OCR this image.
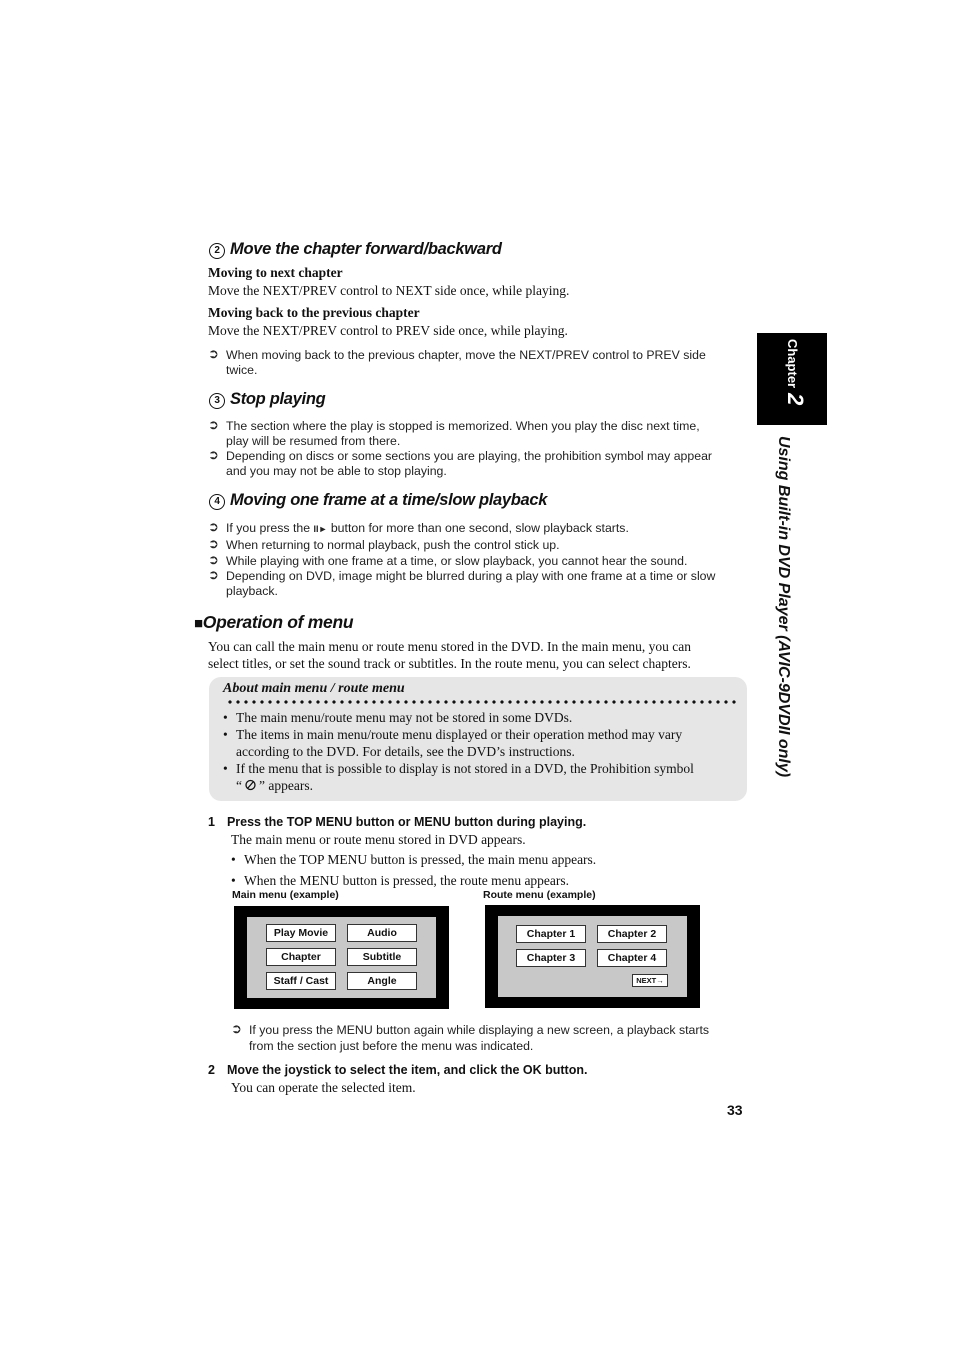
2 Move the chapter forward/backward
Moving to next chapter
Move the NEXT/PREV control to NEXT side once, while playing.
Moving back to the previous chapter
Move the NEXT/PREV control to PREV side once, while playing.
➲ When moving back to the previous chapter, move the NEXT/PREV control to PREV side
twice.
3 Stop playing
➲ The section where the play is stopped is memorized. When you play the disc next time,
play will be resumed from there.
➲ Depending on discs or some sections you are playing, the prohibition symbol may appear
and you may not be able to stop playing.
4 Moving one frame at a time/slow playback
➲ If you press the II► button for more than one second, slow playback starts.
➲ When returning to normal playback, push the control stick up.
➲ While playing with one frame at a time, or slow playback, you cannot hear the sound.
➲ Depending on DVD, image might be blurred during a play with one frame at a time or slow
playback.
■Operation of menu
You can call the main menu or route menu stored in the DVD. In the main menu, you can
select titles, or set the sound track or subtitles. In the route menu, you can select chapters.
About main menu / route menu
• The main menu/route menu may not be stored in some DVDs.
• The items in main menu/route menu displayed or their operation method may vary
according to the DVD. For details, see the DVD’s instructions.
• If the menu that is possible to display is not stored in a DVD, the Prohibition symbol
“ ” appears.
1 Press the TOP MENU button or MENU button during playing.
The main menu or route menu stored in DVD appears.
• When the TOP MENU button is pressed, the main menu appears.
• When the MENU button is pressed, the route menu appears.
Main menu (example)	Route menu (example)
Play Movie	Audio
Chapter	Subtitle
Staff / Cast	Angle
Chapter 1	Chapter 2
Chapter 3	Chapter 4
NEXT→
➲ If you press the MENU button again while displaying a new screen, a playback starts
from the section just before the menu was indicated.
2 Move the joystick to select the item, and click the OK button.
You can operate the selected item.
33
Chapter2
Using Built-in DVD Player (AVIC-9DVDII only)
